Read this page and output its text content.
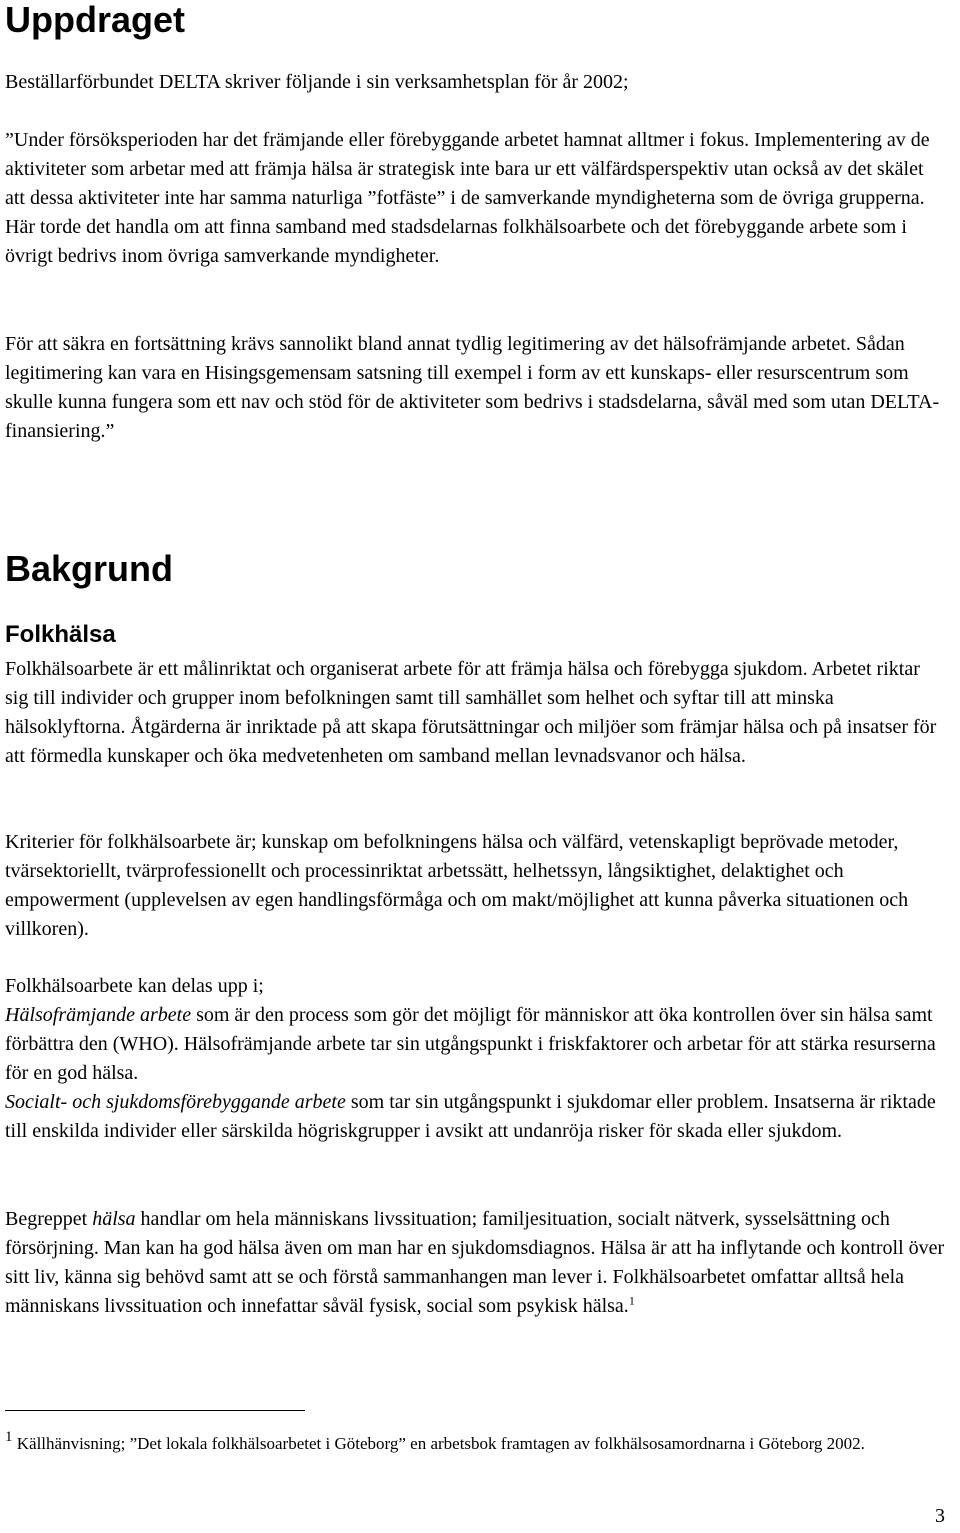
Uppdraget

Beställarförbundet DELTA skriver följande i sin verksamhetsplan för år 2002;

”Under försöksperioden har det främjande eller förebyggande arbetet hamnat alltmer i fokus. Implementering av de aktiviteter som arbetar med att främja hälsa är strategisk inte bara ur ett välfärdsperspektiv utan också av det skälet att dessa aktiviteter inte har samma naturliga ”fotfäste” i de samverkande myndigheterna som de övriga grupperna. Här torde det handla om att finna samband med stadsdelarnas folkhälsoarbete och det förebyggande arbete som i övrigt bedrivs inom övriga samverkande myndigheter.

För att säkra en fortsättning krävs sannolikt bland annat tydlig legitimering av det hälsofrämjande arbetet. Sådan legitimering kan vara en Hisingsgemensam satsning till exempel i form av ett kunskaps- eller resurscentrum som skulle kunna fungera som ett nav och stöd för de aktiviteter som bedrivs i stadsdelarna, såväl med som utan DELTA-finansiering.”

Bakgrund
Folkhälsa

Folkhälsoarbete är ett målinriktat och organiserat arbete för att främja hälsa och förebygga sjukdom. Arbetet riktar sig till individer och grupper inom befolkningen samt till samhället som helhet och syftar till att minska hälsoklyftorna. Åtgärderna är inriktade på att skapa förutsättningar och miljöer som främjar hälsa och på insatser för att förmedla kunskaper och öka medvetenheten om samband mellan levnadsvanor och hälsa.

Kriterier för folkhälsoarbete är; kunskap om befolkningens hälsa och välfärd, vetenskapligt beprövade metoder, tvärsektoriellt, tvärprofessionellt och processinriktat arbetssätt, helhetssyn, långsiktighet, delaktighet och empowerment (upplevelsen av egen handlingsförmåga och om makt/möjlighet att kunna påverka situationen och villkoren).

Folkhälsoarbete kan delas upp i;
Hälsofrämjande arbete som är den process som gör det möjligt för människor att öka kontrollen över sin hälsa samt förbättra den (WHO). Hälsofrämjande arbete tar sin utgångspunkt i friskfaktorer och arbetar för att stärka resurserna för en god hälsa.
Socialt- och sjukdomsförebyggande arbete som tar sin utgångspunkt i sjukdomar eller problem. Insatserna är riktade till enskilda individer eller särskilda högriskgrupper i avsikt att undanröja risker för skada eller sjukdom.

Begreppet hälsa handlar om hela människans livssituation; familjesituation, socialt nätverk, sysselsättning och försörjning. Man kan ha god hälsa även om man har en sjukdomsdiagnos. Hälsa är att ha inflytande och kontroll över sitt liv, känna sig behövd samt att se och förstå sammanhangen man lever i. Folkhälsoarbetet omfattar alltså hela människans livssituation och innefattar såväl fysisk, social som psykisk hälsa.$^1$

1 Källhänvisning; ”Det lokala folkhälsoarbetet i Göteborg” en arbetsbok framtagen av folkhälsosamordnarna i Göteborg 2002.

3
